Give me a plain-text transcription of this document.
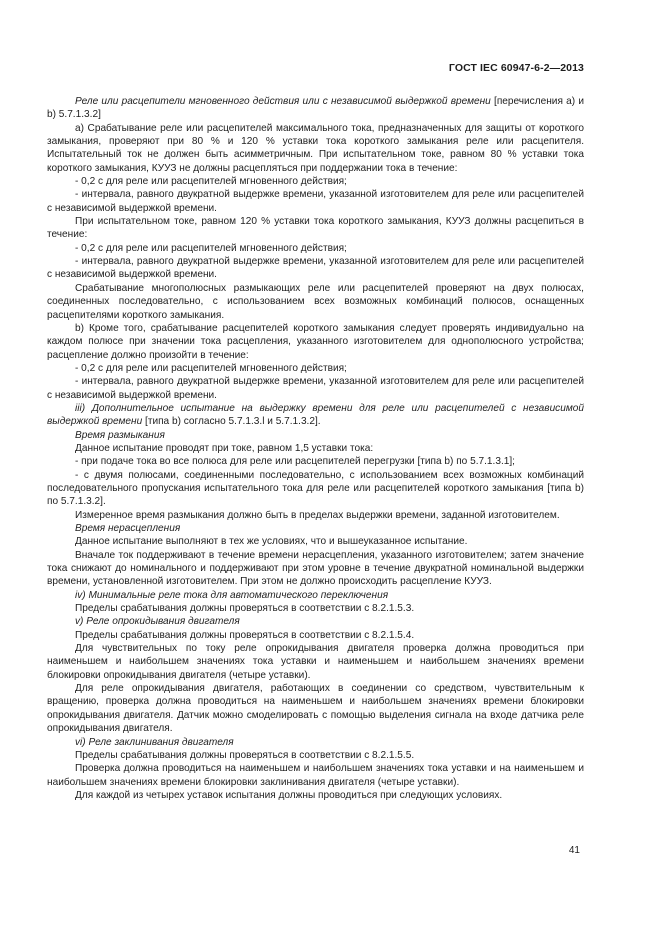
ГОСТ IEC 60947-6-2—2013

Реле или расцепители мгновенного действия или с независимой выдержкой времени [перечисления a) и b) 5.7.1.3.2]

a) Срабатывание реле или расцепителей максимального тока, предназначенных для защиты от короткого замыкания, проверяют при 80 % и 120 % уставки тока короткого замыкания реле или расцепителя. Испытательный ток не должен быть асимметричным. При испытательном токе, равном 80 % уставки тока короткого замыкания, КУУЗ не должны расцепляться при поддержании тока в течение:

- 0,2 с для реле или расцепителей мгновенного действия;

- интервала, равного двукратной выдержке времени, указанной изготовителем для реле или расцепителей с независимой выдержкой времени.

При испытательном токе, равном 120 % уставки тока короткого замыкания, КУУЗ должны расцепиться в течение:

- 0,2 с для реле или расцепителей мгновенного действия;

- интервала, равного двукратной выдержке времени, указанной изготовителем для реле или расцепителей с независимой выдержкой времени.

Срабатывание многополюсных размыкающих реле или расцепителей проверяют на двух полюсах, соединенных последовательно, с использованием всех возможных комбинаций полюсов, оснащенных расцепителями короткого замыкания.

b) Кроме того, срабатывание расцепителей короткого замыкания следует проверять индивидуально на каждом полюсе при значении тока расцепления, указанного изготовителем для однополюсного устройства; расцепление должно произойти в течение:

- 0,2 с для реле или расцепителей мгновенного действия;

- интервала, равного двукратной выдержке времени, указанной изготовителем для реле или расцепителей с независимой выдержкой времени.

iii) Дополнительное испытание на выдержку времени для реле или расцепителей с независимой выдержкой времени [типа b) согласно 5.7.1.3.l и 5.7.1.3.2].

Время размыкания

Данное испытание проводят при токе, равном 1,5 уставки тока:

- при подаче тока во все полюса для реле или расцепителей перегрузки [типа b) по 5.7.1.3.1];

- с двумя полюсами, соединенными последовательно, с использованием всех возможных комбинаций последовательного пропускания испытательного тока для реле или расцепителей короткого замыкания [типа b) по 5.7.1.3.2].

Измеренное время размыкания должно быть в пределах выдержки времени, заданной изготовителем.

Время нерасцепления

Данное испытание выполняют в тех же условиях, что и вышеуказанное испытание.

Вначале ток поддерживают в течение времени нерасцепления, указанного изготовителем; затем значение тока снижают до номинального и поддерживают при этом уровне в течение двукратной номинальной выдержки времени, установленной изготовителем. При этом не должно происходить расцепление КУУЗ.

iv) Минимальные реле тока для автоматического переключения

Пределы срабатывания должны проверяться в соответствии с 8.2.1.5.3.

v) Реле опрокидывания двигателя

Пределы срабатывания должны проверяться в соответствии с 8.2.1.5.4.

Для чувствительных по току реле опрокидывания двигателя проверка должна проводиться при наименьшем и наибольшем значениях тока уставки и наименьшем и наибольшем значениях времени блокировки опрокидывания двигателя (четыре уставки).

Для реле опрокидывания двигателя, работающих в соединении со средством, чувствительным к вращению, проверка должна проводиться на наименьшем и наибольшем значениях времени блокировки опрокидывания двигателя. Датчик можно смоделировать с помощью выделения сигнала на входе датчика реле опрокидывания двигателя.

vi) Реле заклинивания двигателя

Пределы срабатывания должны проверяться в соответствии с 8.2.1.5.5.

Проверка должна проводиться на наименьшем и наибольшем значениях тока уставки и на наименьшем и наибольшем значениях времени блокировки заклинивания двигателя (четыре уставки).

Для каждой из четырех уставок испытания должны проводиться при следующих условиях.

41
